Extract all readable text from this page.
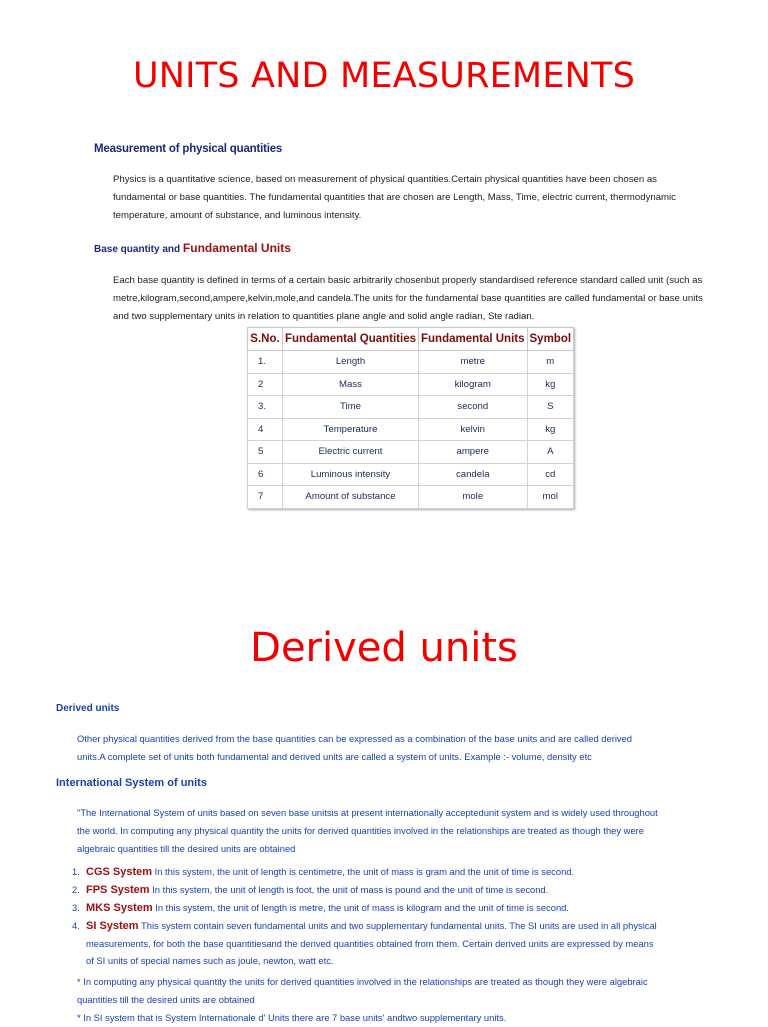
UNITS AND MEASUREMENTS
Measurement of physical quantities
Physics is a quantitative science, based on measurement of physical quantities.Certain physical quantities have been chosen as
fundamental or base quantities. The fundamental quantities that are chosen are Length, Mass, Time, electric current, thermodynamic
temperature, amount of substance, and luminous intensity.
Base quantity and Fundamental Units
Each base quantity is defined in terms of a certain basic arbitrarily chosenbut properly standardised reference standard called unit (such as
metre,kilogram,second,ampere,kelvin,mole,and candela.The units for the fundamental base quantities are called fundamental or base units
and two supplementary units in relation to quantities plane angle and solid angle radian, Ste radian.
S.No.	Fundamental Quantities	Fundamental Units	Symbol
1.	Length	metre	m
2	Mass	kilogram	kg
3.	Time	second	S
4	Temperature	kelvin	kg
5	Electric current	ampere	A
6	Luminous intensity	candela	cd
7	Amount of substance	mole	mol
Derived units
Derived units
Other physical quantities derived from the base quantities can be expressed as a combination of the base units and are called derived
units.A complete set of units both fundamental and derived units are called a system of units. Example :- volume, density etc
International System of units
"The International System of units based on seven base unitsis at present internationally acceptedunit system and is widely used throughout
the world. In computing any physical quantity the units for derived quantities involved in the relationships are treated as though they were
algebraic quantities till the desired units are obtained
1. CGS System In this system, the unit of length is centimetre, the unit of mass is gram and the unit of time is second.
2. FPS System In this system, the unit of length is foot, the unit of mass is pound and the unit of time is second.
3. MKS System In this system, the unit of length is metre, the unit of mass is kilogram and the unit of time is second.
4. SI System This system contain seven fundamental units and two supplementary fundamental units. The SI units are used in all physical
measurements, for both the base quantitiesand the derived quantities obtained from them. Certain derived units are expressed by means
of SI units of special names such as joule, newton, watt etc.
* In computing any physical quantity the units for derived quantities involved in the relationships are treated as though they were algebraic
quantities till the desired units are obtained
* In SI system that is System Internationale d' Units there are 7 base units' andtwo supplementary units.
